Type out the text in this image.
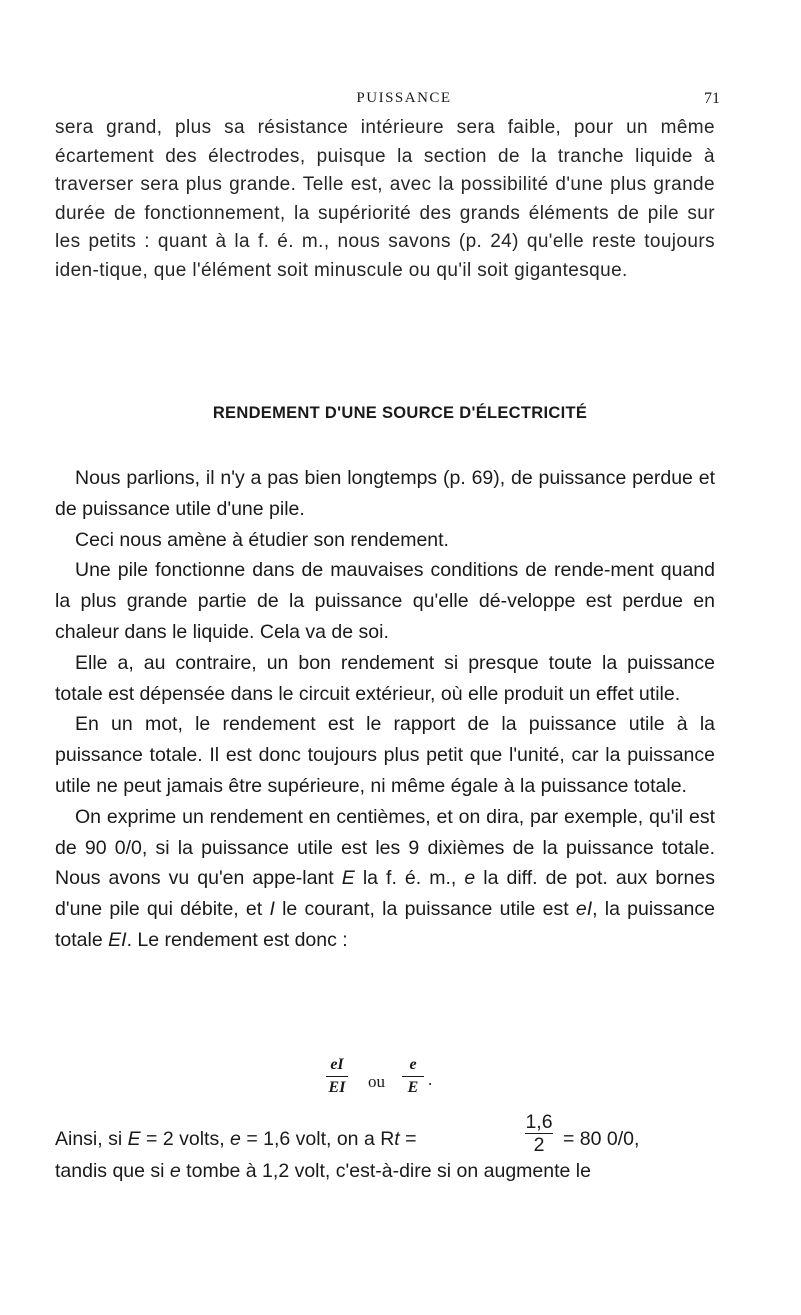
PUISSANCE	71

sera grand, plus sa résistance intérieure sera faible, pour un même écartement des électrodes, puisque la section de la tranche liquide à traverser sera plus grande. Telle est, avec la possibilité d'une plus grande durée de fonctionnement, la supériorité des grands éléments de pile sur les petits : quant à la f. é. m., nous savons (p. 24) qu'elle reste toujours iden-tique, que l'élément soit minuscule ou qu'il soit gigantesque.

RENDEMENT D'UNE SOURCE D'ÉLECTRICITÉ

Nous parlions, il n'y a pas bien longtemps (p. 69), de puissance perdue et de puissance utile d'une pile.

Ceci nous amène à étudier son rendement.

Une pile fonctionne dans de mauvaises conditions de rende-ment quand la plus grande partie de la puissance qu'elle dé-veloppe est perdue en chaleur dans le liquide. Cela va de soi.

Elle a, au contraire, un bon rendement si presque toute la puissance totale est dépensée dans le circuit extérieur, où elle produit un effet utile.

En un mot, le rendement est le rapport de la puissance utile à la puissance totale. Il est donc toujours plus petit que l'unité, car la puissance utile ne peut jamais être supérieure, ni même égale à la puissance totale.

On exprime un rendement en centièmes, et on dira, par exemple, qu'il est de 90 0/0, si la puissance utile est les 9 dixièmes de la puissance totale. Nous avons vu qu'en appe-lant E la f. é. m., e la diff. de pot. aux bornes d'une pile qui débite, et I le courant, la puissance utile est eI, la puissance totale EI. Le rendement est donc :

eI
EI	ou
e
E .
Ainsi, si E = 2 volts, e = 1,6 volt, on a Rt =
1,6
2 = 80 0/0,
tandis que si e tombe à 1,2 volt, c'est-à-dire si on augmente le
